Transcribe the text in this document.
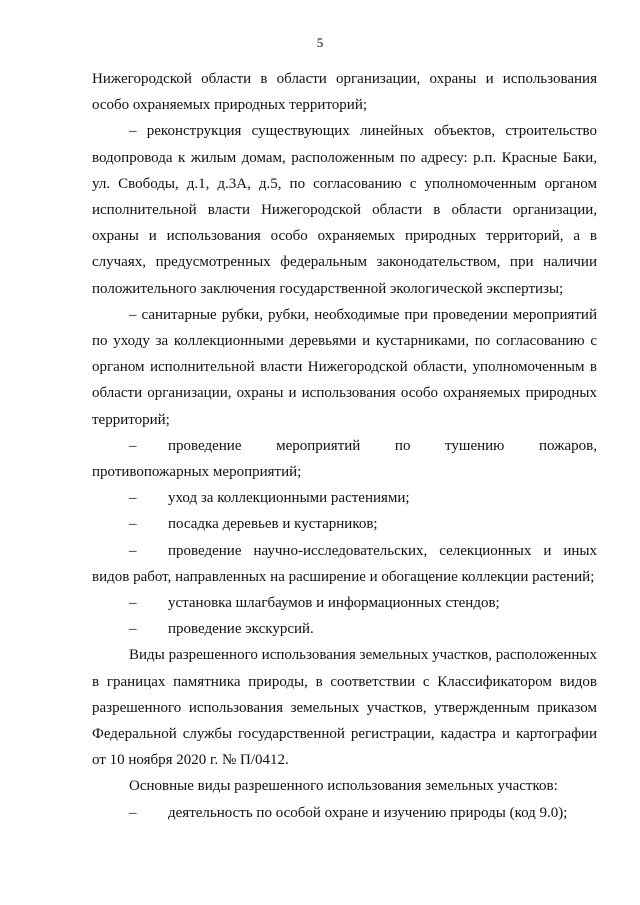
5

Нижегородской области в области организации, охраны и использования особо охраняемых природных территорий;

– реконструкция существующих линейных объектов, строительство водопровода к жилым домам, расположенным по адресу: р.п. Красные Баки, ул. Свободы, д.1, д.3А, д.5, по согласованию с уполномоченным органом исполнительной власти Нижегородской области в области организации, охраны и использования особо охраняемых природных территорий, а в случаях, предусмотренных федеральным законодательством, при наличии положительного заключения государственной экологической экспертизы;

– санитарные рубки, рубки, необходимые при проведении мероприятий по уходу за коллекционными деревьями и кустарниками, по согласованию с органом исполнительной власти Нижегородской области, уполномоченным в области организации, охраны и использования особо охраняемых природных территорий;

– проведение мероприятий по тушению пожаров,
противопожарных мероприятий;
– уход за коллекционными растениями;
– посадка деревьев и кустарников;
– проведение научно-исследовательских, селекционных и иных
видов работ, направленных на расширение и обогащение коллекции растений;
– установка шлагбаумов и информационных стендов;
– проведение экскурсий.

Виды разрешенного использования земельных участков, расположенных в границах памятника природы, в соответствии с Классификатором видов разрешенного использования земельных участков, утвержденным приказом Федеральной службы государственной регистрации, кадастра и картографии от 10 ноября 2020 г. № П/0412.

Основные виды разрешенного использования земельных участков:

– деятельность по особой охране и изучению природы (код 9.0);
